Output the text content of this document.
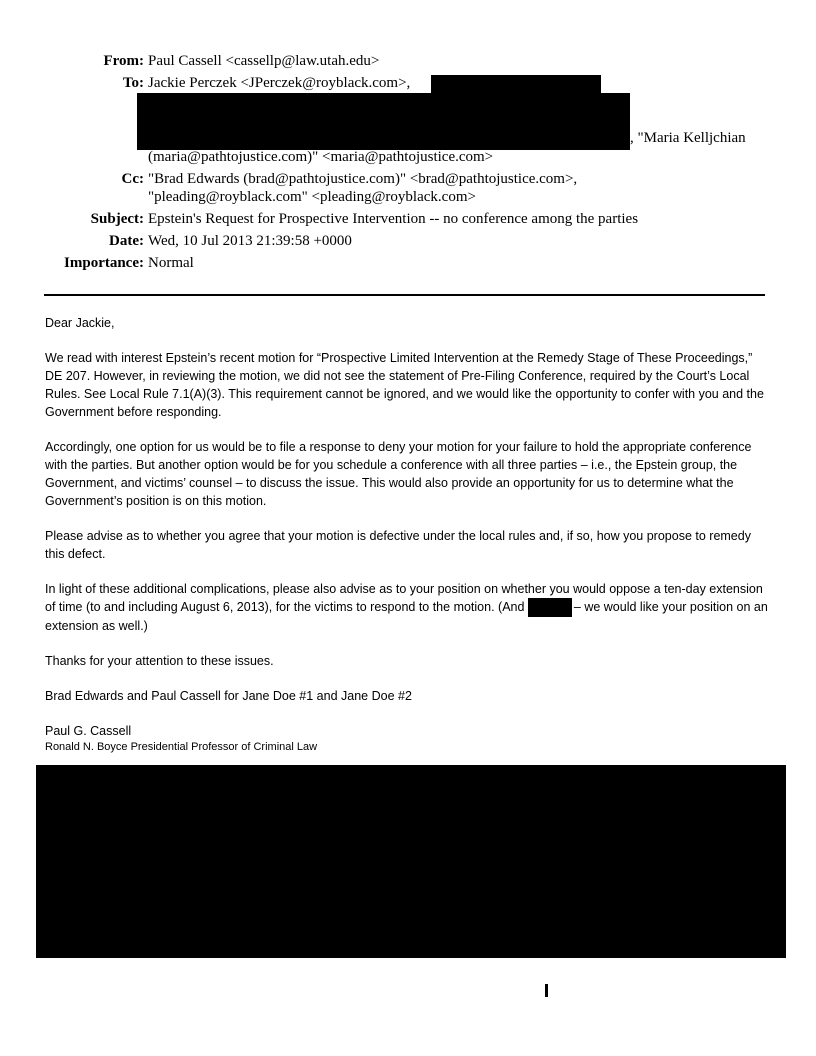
From: Paul Cassell <cassellp@law.utah.edu>
To: Jackie Perczek <JPerczek@royblack.com>,
, "Maria Kelljchian
(maria@pathtojustice.com)" <maria@pathtojustice.com>
Cc: "Brad Edwards (brad@pathtojustice.com)" <brad@pathtojustice.com>,
"pleading@royblack.com" <pleading@royblack.com>
Subject: Epstein's Request for Prospective Intervention -- no conference among the parties
Date: Wed, 10 Jul 2013 21:39:58 +0000
Importance: Normal

Dear Jackie,

We read with interest Epstein’s recent motion for “Prospective Limited Intervention at the Remedy Stage of These Proceedings,” DE 207. However, in reviewing the motion, we did not see the statement of Pre-Filing Conference, required by the Court’s Local Rules. See Local Rule 7.1(A)(3). This requirement cannot be ignored, and we would like the opportunity to confer with you and the Government before responding.

Accordingly, one option for us would be to file a response to deny your motion for your failure to hold the appropriate conference with the parties. But another option would be for you schedule a conference with all three parties – i.e., the Epstein group, the Government, and victims’ counsel – to discuss the issue. This would also provide an opportunity for us to determine what the Government’s position is on this motion.

Please advise as to whether you agree that your motion is defective under the local rules and, if so, how you propose to remedy this defect.

In light of these additional complications, please also advise as to your position on whether you would oppose a ten-day extension of time (to and including August 6, 2013), for the victims to respond to the motion. (And	– we would like your position on an extension as well.)

Thanks for your attention to these issues.

Brad Edwards and Paul Cassell for Jane Doe #1 and Jane Doe #2

Paul G. Cassell
Ronald N. Boyce Presidential Professor of Criminal Law
